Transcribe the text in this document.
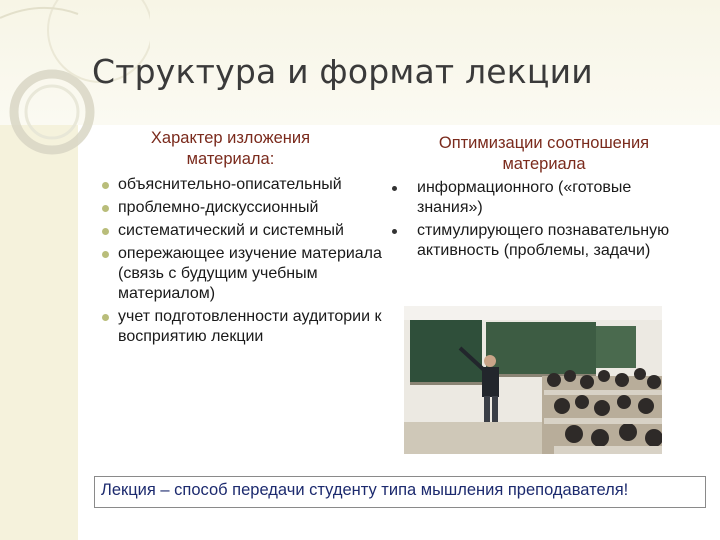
Структура и формат лекции
Характер изложения материала:
объяснительно-описательный
проблемно-дискуссионный
систематический и системный
опережающее изучение материала (связь с будущим учебным материалом)
учет подготовленности аудитории к восприятию лекции
Оптимизации соотношения материала
информационного («готовые знания»)
стимулирующего познавательную активность (проблемы, задачи)
Лекция – способ передачи студенту типа мышления преподавателя!
